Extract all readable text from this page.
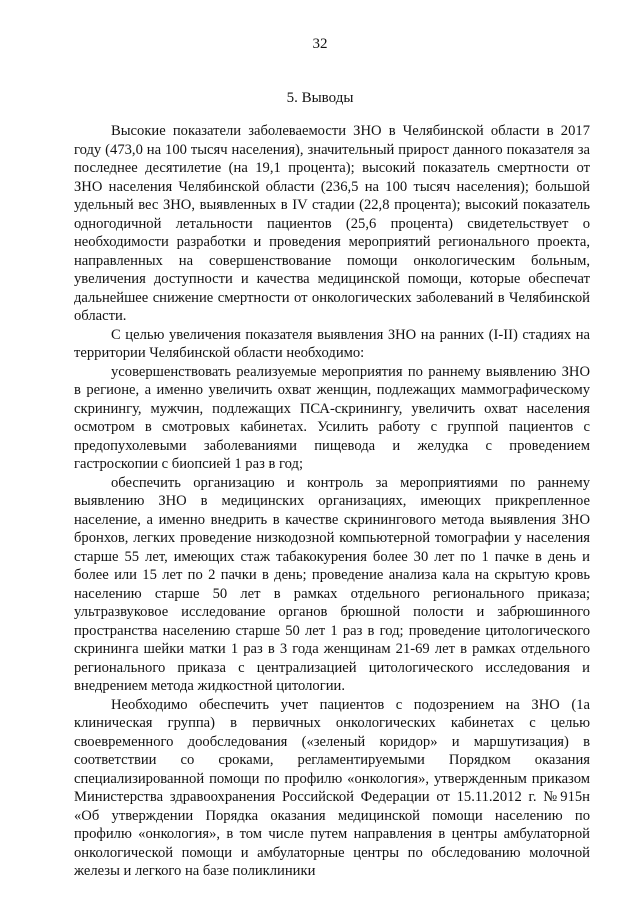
32
5. Выводы

Высокие показатели заболеваемости ЗНО в Челябинской области в 2017 году (473,0 на 100 тысяч населения), значительный прирост данного показателя за последнее десятилетие (на 19,1 процента); высокий показатель смертности от ЗНО населения Челябинской области (236,5 на 100 тысяч населения); большой удельный вес ЗНО, выявленных в IV стадии (22,8 процента); высокий показатель одногодичной летальности пациентов (25,6 процента) свидетельствует о необходимости разработки и проведения мероприятий регионального проекта, направленных на совершенствование помощи онкологическим больным, увеличения доступности и качества медицинской помощи, которые обеспечат дальнейшее снижение смертности от онкологических заболеваний в Челябинской области.

С целью увеличения показателя выявления ЗНО на ранних (I-II) стадиях на территории Челябинской области необходимо:

усовершенствовать реализуемые мероприятия по раннему выявлению ЗНО в регионе, а именно увеличить охват женщин, подлежащих маммографическому скринингу, мужчин, подлежащих ПСА-скринингу, увеличить охват населения осмотром в смотровых кабинетах. Усилить работу с группой пациентов с предопухолевыми заболеваниями пищевода и желудка с проведением гастроскопии с биопсией 1 раз в год;

обеспечить организацию и контроль за мероприятиями по раннему выявлению ЗНО в медицинских организациях, имеющих прикрепленное население, а именно внедрить в качестве скринингового метода выявления ЗНО бронхов, легких проведение низкодозной компьютерной томографии у населения старше 55 лет, имеющих стаж табакокурения более 30 лет по 1 пачке в день и более или 15 лет по 2 пачки в день; проведение анализа кала на скрытую кровь населению старше 50 лет в рамках отдельного регионального приказа; ультразвуковое исследование органов брюшной полости и забрюшинного пространства населению старше 50 лет 1 раз в год; проведение цитологического скрининга шейки матки 1 раз в 3 года женщинам 21-69 лет в рамках отдельного регионального приказа с централизацией цитологического исследования и внедрением метода жидкостной цитологии.

Необходимо обеспечить учет пациентов с подозрением на ЗНО (1а клиническая группа) в первичных онкологических кабинетах с целью своевременного дообследования («зеленый коридор» и маршутизация) в соответствии со сроками, регламентируемыми Порядком оказания специализированной помощи по профилю «онкология», утвержденным приказом Министерства здравоохранения Российской Федерации от 15.11.2012 г. №915н «Об утверждении Порядка оказания медицинской помощи населению по профилю «онкология», в том числе путем направления в центры амбулаторной онкологической помощи и амбулаторные центры по обследованию молочной железы и легкого на базе поликлиники
